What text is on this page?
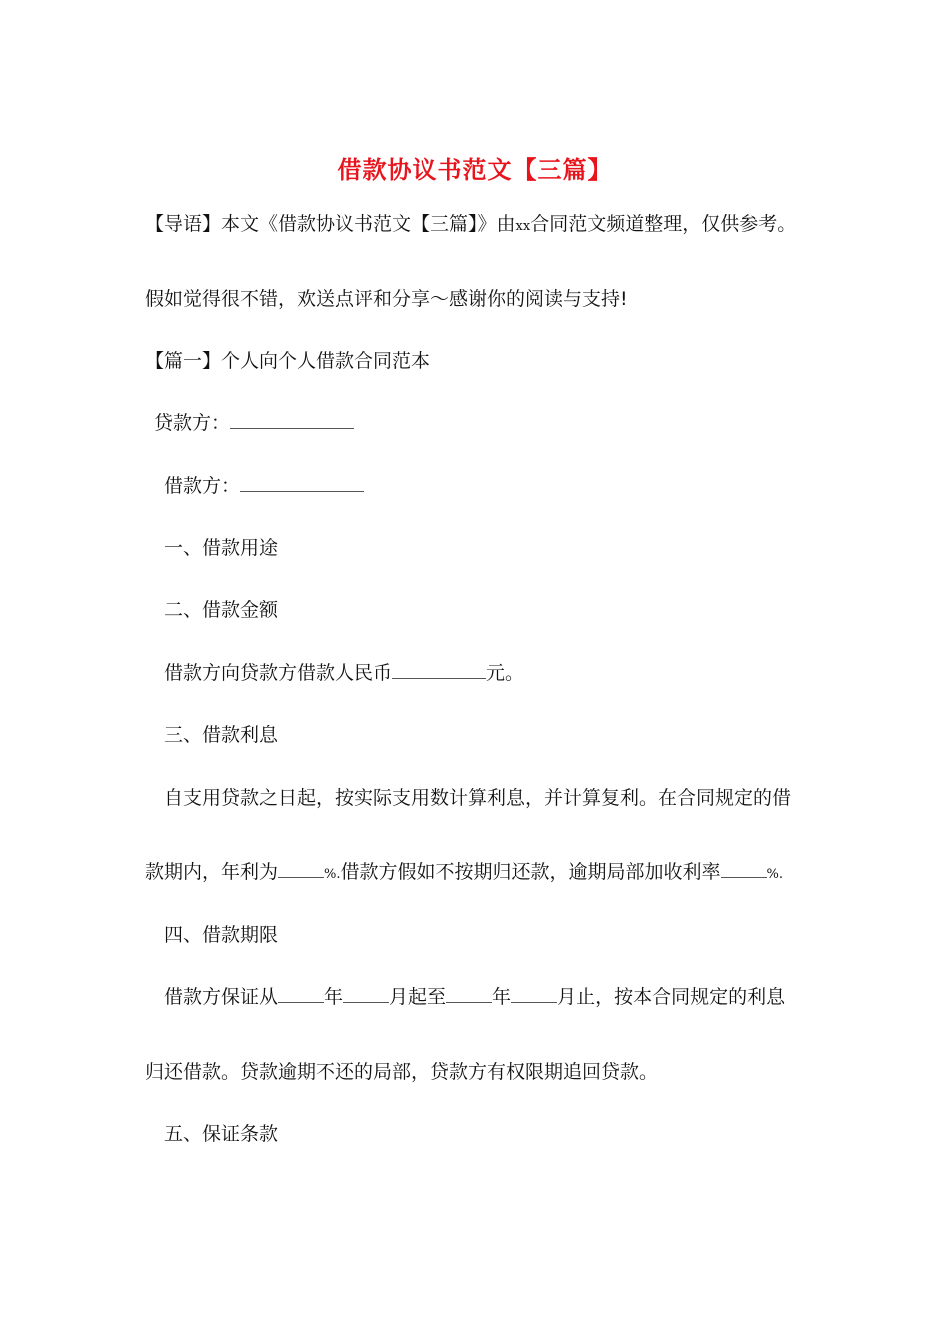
借款协议书范文【三篇】
【导语】本文《借款协议书范文【三篇】》由xx合同范文频道整理，仅供参考。
假如觉得很不错，欢送点评和分享～感谢你的阅读与支持!
【篇一】个人向个人借款合同范本
贷款方：
借款方：
一、借款用途
二、借款金额
借款方向贷款方借款人民币	元。
三、借款利息
自支用贷款之日起，按实际支用数计算利息，并计算复利。在合同规定的借
款期内，年利为	%.借款方假如不按期归还款，逾期局部加收利率	%.
四、借款期限
借款方保证从 年 月起至 年 月止，按本合同规定的利息
归还借款。贷款逾期不还的局部，贷款方有权限期追回贷款。
五、保证条款
